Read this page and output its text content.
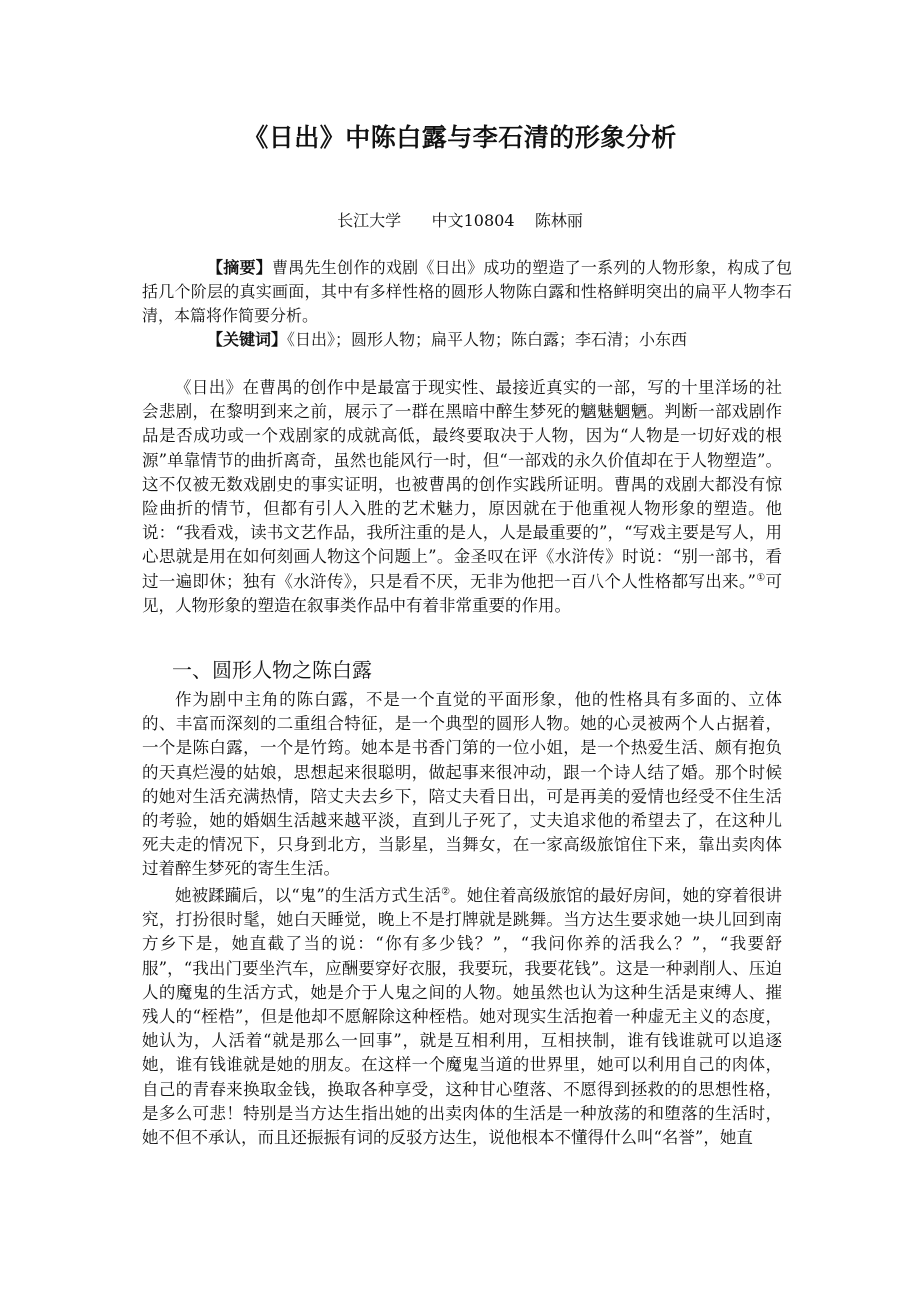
《日出》中陈白露与李石清的形象分析
长江大学      中文10804    陈林丽

【摘要】曹禺先生创作的戏剧《日出》成功的塑造了一系列的人物形象，构成了包括几个阶层的真实画面，其中有多样性格的圆形人物陈白露和性格鲜明突出的扁平人物李石清，本篇将作简要分析。

【关键词】《日出》；圆形人物；扁平人物；陈白露；李石清；小东西

《日出》在曹禺的创作中是最富于现实性、最接近真实的一部，写的十里洋场的社会悲剧，在黎明到来之前，展示了一群在黑暗中醉生梦死的魑魅魍魉。判断一部戏剧作品是否成功或一个戏剧家的成就高低，最终要取决于人物，因为“人物是一切好戏的根源”单靠情节的曲折离奇，虽然也能风行一时，但“一部戏的永久价值却在于人物塑造”。这不仅被无数戏剧史的事实证明，也被曹禺的创作实践所证明。曹禺的戏剧大都没有惊险曲折的情节，但都有引人入胜的艺术魅力，原因就在于他重视人物形象的塑造。他说：“我看戏，读书文艺作品，我所注重的是人，人是最重要的”，“写戏主要是写人，用心思就是用在如何刻画人物这个问题上”。金圣叹在评《水浒传》时说：“别一部书，看过一遍即休；独有《水浒传》，只是看不厌，无非为他把一百八个人性格都写出来。”①可见，人物形象的塑造在叙事类作品中有着非常重要的作用。

一、圆形人物之陈白露

作为剧中主角的陈白露，不是一个直觉的平面形象，他的性格具有多面的、立体的、丰富而深刻的二重组合特征，是一个典型的圆形人物。她的心灵被两个人占据着，一个是陈白露，一个是竹筠。她本是书香门第的一位小姐，是一个热爱生活、颇有抱负的天真烂漫的姑娘，思想起来很聪明，做起事来很冲动，跟一个诗人结了婚。那个时候的她对生活充满热情，陪丈夫去乡下，陪丈夫看日出，可是再美的爱情也经受不住生活的考验，她的婚姻生活越来越平淡，直到儿子死了，丈夫追求他的希望去了，在这种儿死夫走的情况下，只身到北方，当影星，当舞女，在一家高级旅馆住下来，靠出卖肉体过着醉生梦死的寄生生活。

她被蹂躏后，以“鬼”的生活方式生活②。她住着高级旅馆的最好房间，她的穿着很讲究，打扮很时髦，她白天睡觉，晚上不是打牌就是跳舞。当方达生要求她一块儿回到南方乡下是，她直截了当的说：“你有多少钱？”，“我问你养的活我么？”，“我要舒服”，“我出门要坐汽车，应酬要穿好衣服，我要玩，我要花钱”。这是一种剥削人、压迫人的魔鬼的生活方式，她是介于人鬼之间的人物。她虽然也认为这种生活是束缚人、摧残人的“桎梏”，但是他却不愿解除这种桎梏。她对现实生活抱着一种虚无主义的态度，她认为，人活着“就是那么一回事”，就是互相利用，互相挟制，谁有钱谁就可以追逐她，谁有钱谁就是她的朋友。在这样一个魔鬼当道的世界里，她可以利用自己的肉体，自己的青春来换取金钱，换取各种享受，这种甘心堕落、不愿得到拯救的的思想性格，是多么可悲！特别是当方达生指出她的出卖肉体的生活是一种放荡的和堕落的生活时，她不但不承认，而且还振振有词的反驳方达生，说他根本不懂得什么叫“名誉”，她直
